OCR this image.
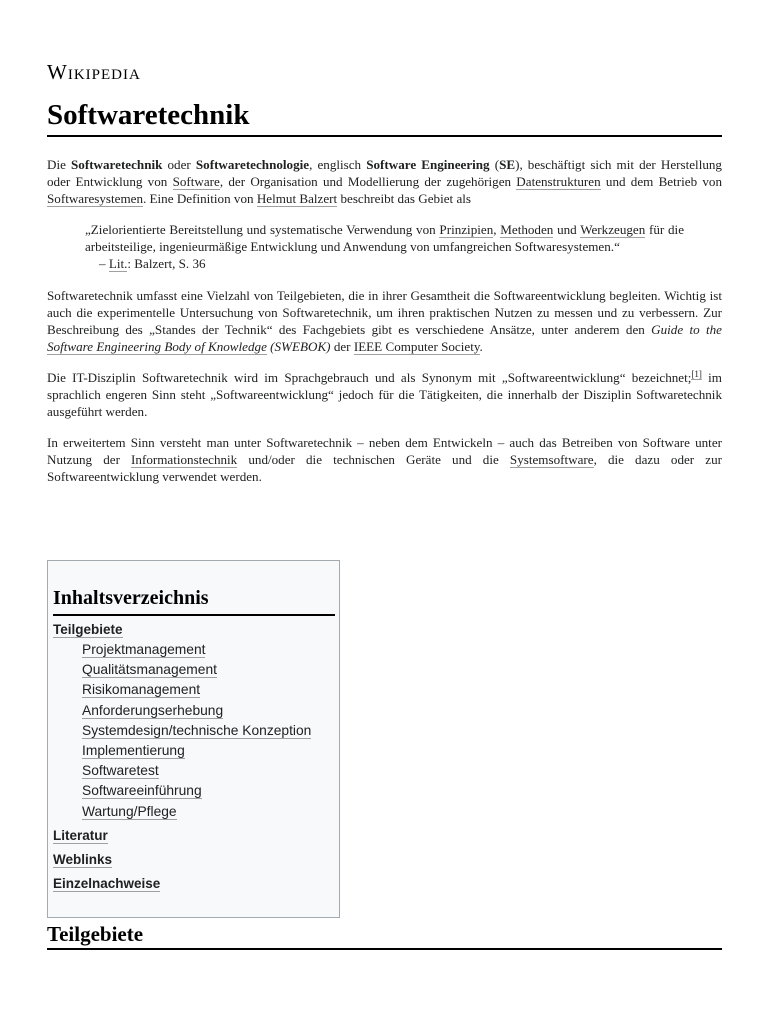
Wikipedia
Softwaretechnik

Die Softwaretechnik oder Softwaretechnologie, englisch Software Engineering (SE), beschäftigt sich mit der Herstellung oder Entwicklung von Software, der Organisation und Modellierung der zugehörigen Datenstrukturen und dem Betrieb von Softwaresystemen. Eine Definition von Helmut Balzert beschreibt das Gebiet als

„Zielorientierte Bereitstellung und systematische Verwendung von Prinzipien, Methoden und Werkzeugen für die arbeitsteilige, ingenieurmäßige Entwicklung und Anwendung von umfangreichen Softwaresystemen.“
– Lit.: Balzert, S. 36

Softwaretechnik umfasst eine Vielzahl von Teilgebieten, die in ihrer Gesamtheit die Softwareentwicklung begleiten. Wichtig ist auch die experimentelle Untersuchung von Softwaretechnik, um ihren praktischen Nutzen zu messen und zu verbessern. Zur Beschreibung des „Standes der Technik“ des Fachgebiets gibt es verschiedene Ansätze, unter anderem den Guide to the Software Engineering Body of Knowledge (SWEBOK) der IEEE Computer Society.

Die IT-Disziplin Softwaretechnik wird im Sprachgebrauch und als Synonym mit „Softwareentwicklung“ bezeichnet;[1] im sprachlich engeren Sinn steht „Softwareentwicklung“ jedoch für die Tätigkeiten, die innerhalb der Disziplin Softwaretechnik ausgeführt werden.

In erweitertem Sinn versteht man unter Softwaretechnik – neben dem Entwickeln – auch das Betreiben von Software unter Nutzung der Informationstechnik und/oder die technischen Geräte und die Systemsoftware, die dazu oder zur Softwareentwicklung verwendet werden.

Inhaltsverzeichnis
Teilgebiete
Projektmanagement
Qualitätsmanagement
Risikomanagement
Anforderungserhebung
Systemdesign/technische Konzeption
Implementierung
Softwaretest
Softwareeinführung
Wartung/Pflege
Literatur
Weblinks
Einzelnachweise
Teilgebiete
